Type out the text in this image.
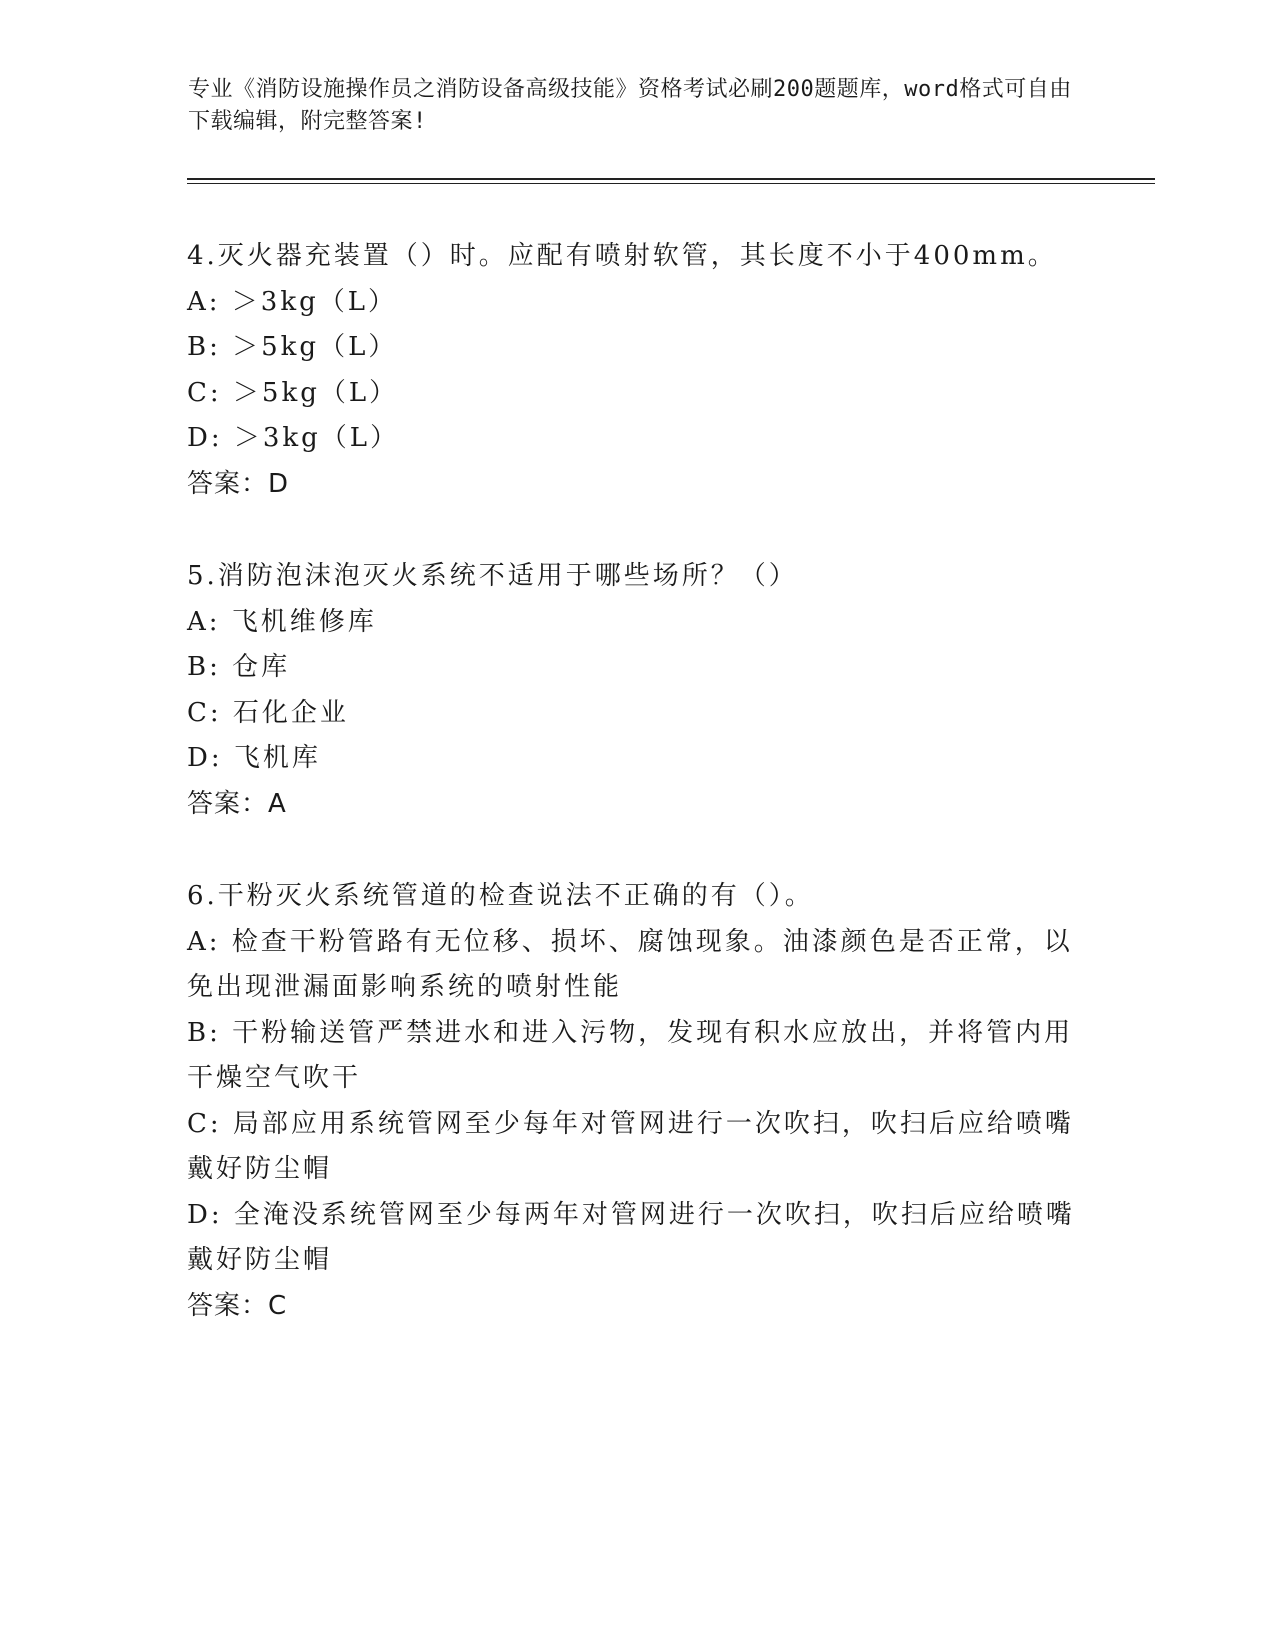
专业《消防设施操作员之消防设备高级技能》资格考试必刷200题题库，word格式可自由下载编辑，附完整答案!
4.灭火器充装置（）时。应配有喷射软管，其长度不小于400mm。
A: ＞3kg（L）
B: ＞5kg（L）
C: ＞5kg（L）
D: ＞3kg（L）
答案：D
5.消防泡沫泡灭火系统不适用于哪些场所？（）
A: 飞机维修库
B: 仓库
C: 石化企业
D: 飞机库
答案：A
6.干粉灭火系统管道的检查说法不正确的有（）。
A: 检查干粉管路有无位移、损坏、腐蚀现象。油漆颜色是否正常，以免出现泄漏面影响系统的喷射性能
B: 干粉输送管严禁进水和进入污物，发现有积水应放出，并将管内用干燥空气吹干
C: 局部应用系统管网至少每年对管网进行一次吹扫，吹扫后应给喷嘴戴好防尘帽
D: 全淹没系统管网至少每两年对管网进行一次吹扫，吹扫后应给喷嘴戴好防尘帽
答案：C
